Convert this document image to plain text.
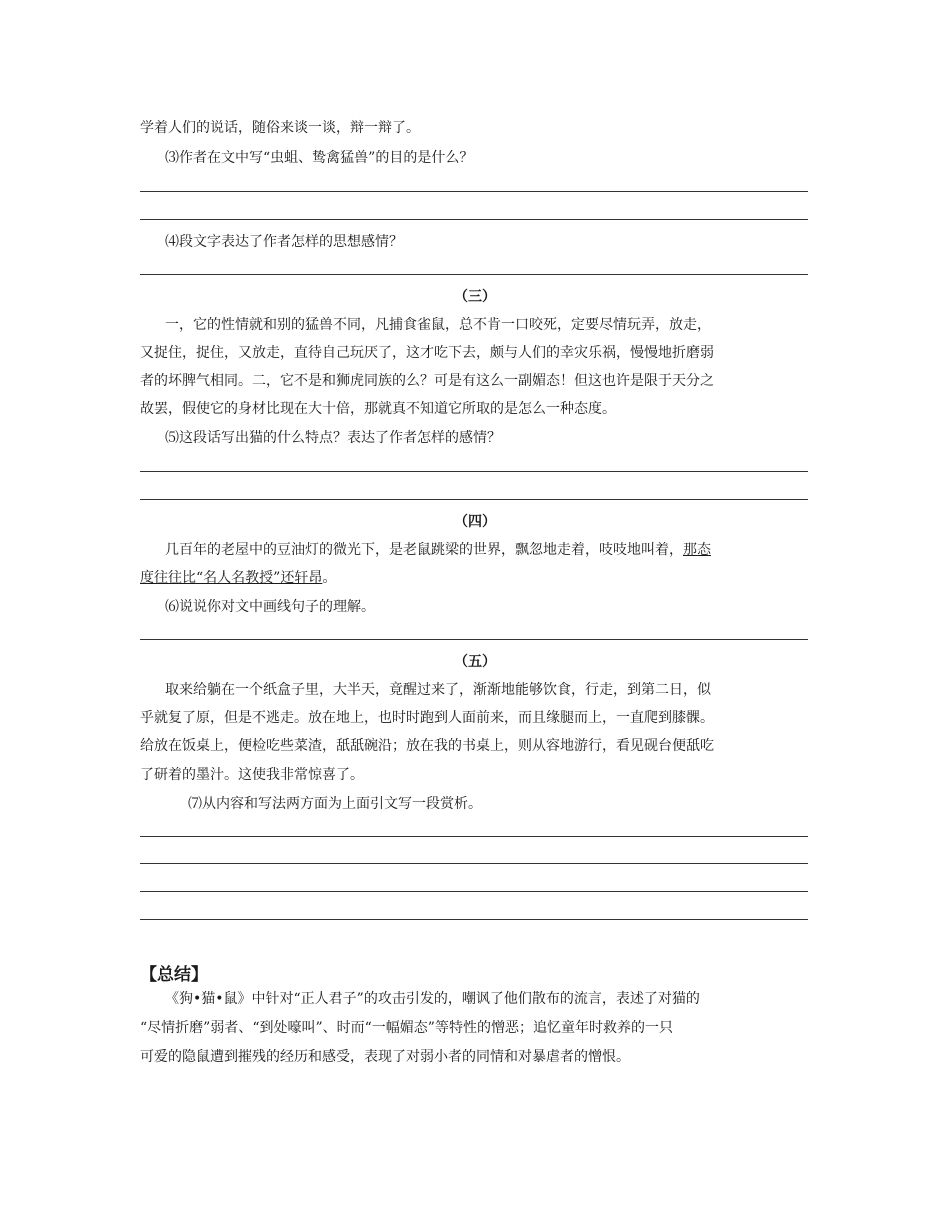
学着人们的说话，随俗来谈一谈，辩一辩了。
⑶作者在文中写“虫蛆、鸷禽猛兽”的目的是什么？
⑷段文字表达了作者怎样的思想感情？
（三）
一，它的性情就和别的猛兽不同，凡捕食雀鼠，总不肯一口咬死，定要尽情玩弄，放走，
又捉住，捉住，又放走，直待自己玩厌了，这才吃下去，颇与人们的幸灾乐祸，慢慢地折磨弱
者的坏脾气相同。二，它不是和狮虎同族的么？可是有这么一副媚态！但这也许是限于天分之
故罢，假使它的身材比现在大十倍，那就真不知道它所取的是怎么一种态度。
⑸这段话写出猫的什么特点？表达了作者怎样的感情？
（四）
几百年的老屋中的豆油灯的微光下，是老鼠跳梁的世界，飘忽地走着，吱吱地叫着，那态
度往往比“名人名教授”还轩昂。
⑹说说你对文中画线句子的理解。
（五）
取来给躺在一个纸盒子里，大半天，竟醒过来了，渐渐地能够饮食，行走，到第二日，似
乎就复了原，但是不逃走。放在地上，也时时跑到人面前来，而且缘腿而上，一直爬到膝髁。
给放在饭桌上，便检吃些菜渣，舐舐碗沿；放在我的书桌上，则从容地游行，看见砚台便舐吃
了研着的墨汁。这使我非常惊喜了。
⑺从内容和写法两方面为上面引文写一段赏析。
【总结】
《狗•猫•鼠》中针对“正人君子”的攻击引发的，嘲讽了他们散布的流言，表述了对猫的
“尽情折磨”弱者、“到处嚎叫”、时而“一幅媚态”等特性的憎恶；追忆童年时救养的一只
可爱的隐鼠遭到摧残的经历和感受，表现了对弱小者的同情和对暴虐者的憎恨。
